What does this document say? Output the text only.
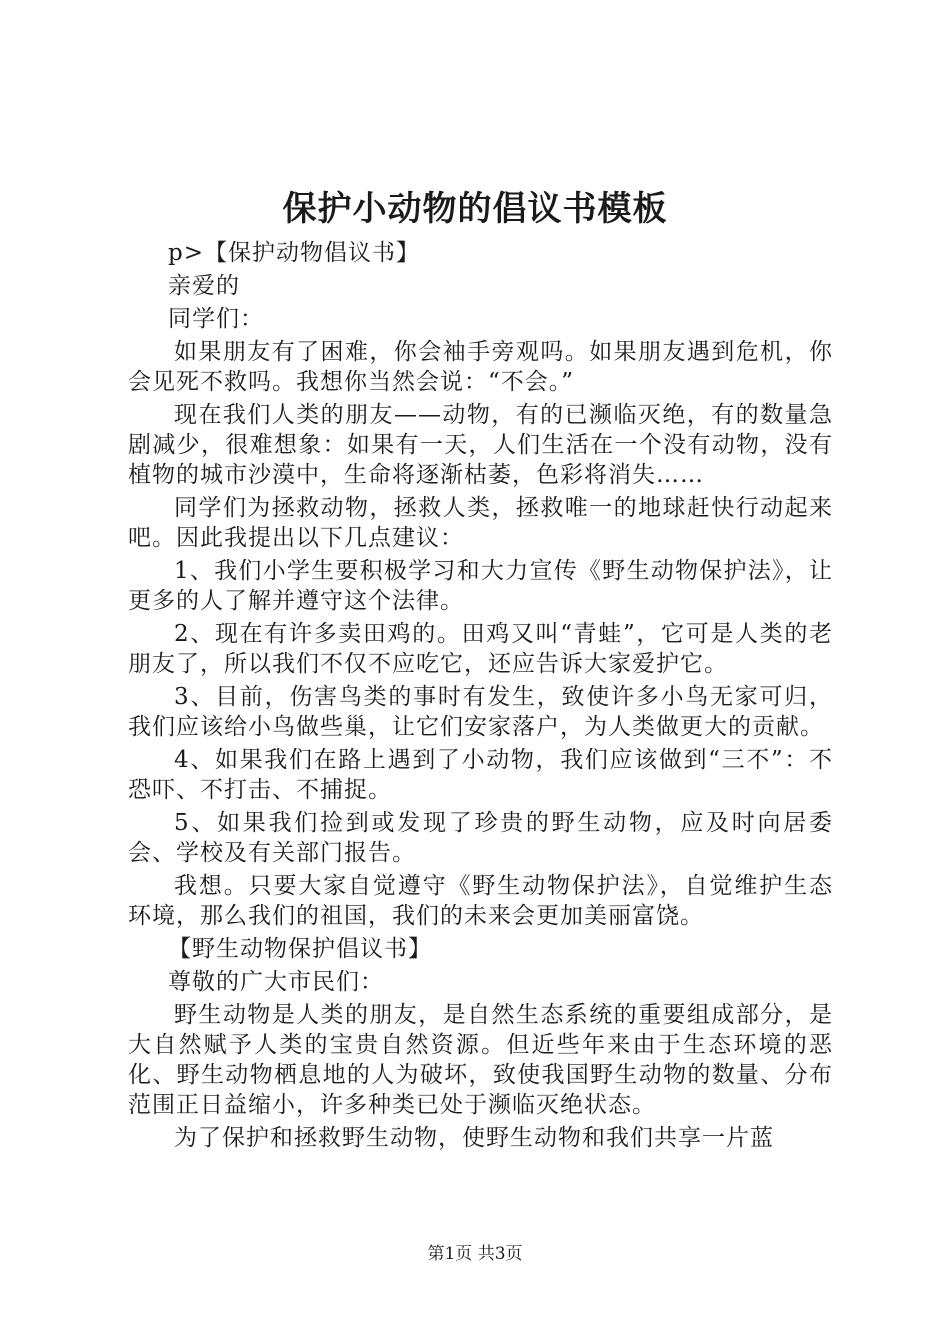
保护小动物的倡议书模板

p>【保护动物倡议书】

亲爱的

同学们：

如果朋友有了困难，你会袖手旁观吗。如果朋友遇到危机，你会见死不救吗。我想你当然会说：“不会。”

现在我们人类的朋友——动物，有的已濒临灭绝，有的数量急剧减少，很难想象：如果有一天，人们生活在一个没有动物，没有植物的城市沙漠中，生命将逐渐枯萎，色彩将消失……

同学们为拯救动物，拯救人类，拯救唯一的地球赶快行动起来吧。因此我提出以下几点建议：

1、我们小学生要积极学习和大力宣传《野生动物保护法》，让更多的人了解并遵守这个法律。

2、现在有许多卖田鸡的。田鸡又叫“青蛙”，它可是人类的老朋友了，所以我们不仅不应吃它，还应告诉大家爱护它。

3、目前，伤害鸟类的事时有发生，致使许多小鸟无家可归，我们应该给小鸟做些巢，让它们安家落户，为人类做更大的贡献。

4、如果我们在路上遇到了小动物，我们应该做到“三不”：不恐吓、不打击、不捕捉。

5、如果我们捡到或发现了珍贵的野生动物，应及时向居委会、学校及有关部门报告。

我想。只要大家自觉遵守《野生动物保护法》，自觉维护生态环境，那么我们的祖国，我们的未来会更加美丽富饶。

【野生动物保护倡议书】

尊敬的广大市民们：

野生动物是人类的朋友，是自然生态系统的重要组成部分，是大自然赋予人类的宝贵自然资源。但近些年来由于生态环境的恶化、野生动物栖息地的人为破坏，致使我国野生动物的数量、分布范围正日益缩小，许多种类已处于濒临灭绝状态。

为了保护和拯救野生动物，使野生动物和我们共享一片蓝

第1页 共3页
